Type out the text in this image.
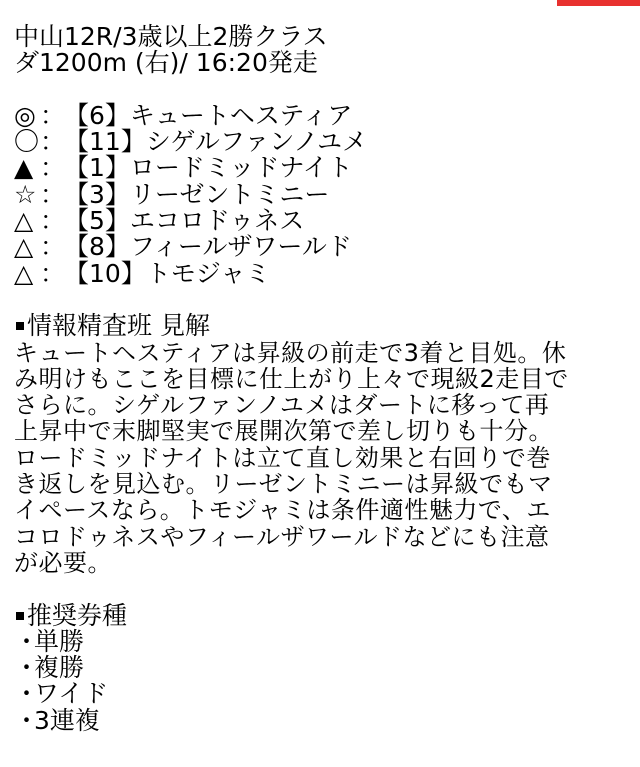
中山12R/3歳以上2勝クラス
ダ1200m (右)/ 16:20発走
◎ ：
【6】 キュートヘスティア
〇 ：
【11】 シゲルファンノユメ
▲ ：
【1】 ロードミッドナイト
☆ ：
【3】 リーゼントミニー
△ ：
【5】 エコロドゥネス
△ ：
【8】 フィールザワールド
△ ：
【10】 トモジャミ
情報精査班 見解
キュートヘスティアは昇級の前走で3着と目処。休
み明けもここを目標に仕上がり上々で現級2走目で
さらに。シゲルファンノユメはダートに移って再
上昇中で末脚堅実で展開次第で差し切りも十分。
ロードミッドナイトは立て直し効果と右回りで巻
き返しを見込む。リーゼントミニーは昇級でもマ
イペースなら。トモジャミは条件適性魅力で、エ
コロドゥネスやフィールザワールドなどにも注意
が必要。
推奨券種
・単勝
・複勝
・ワイド
・3連複
